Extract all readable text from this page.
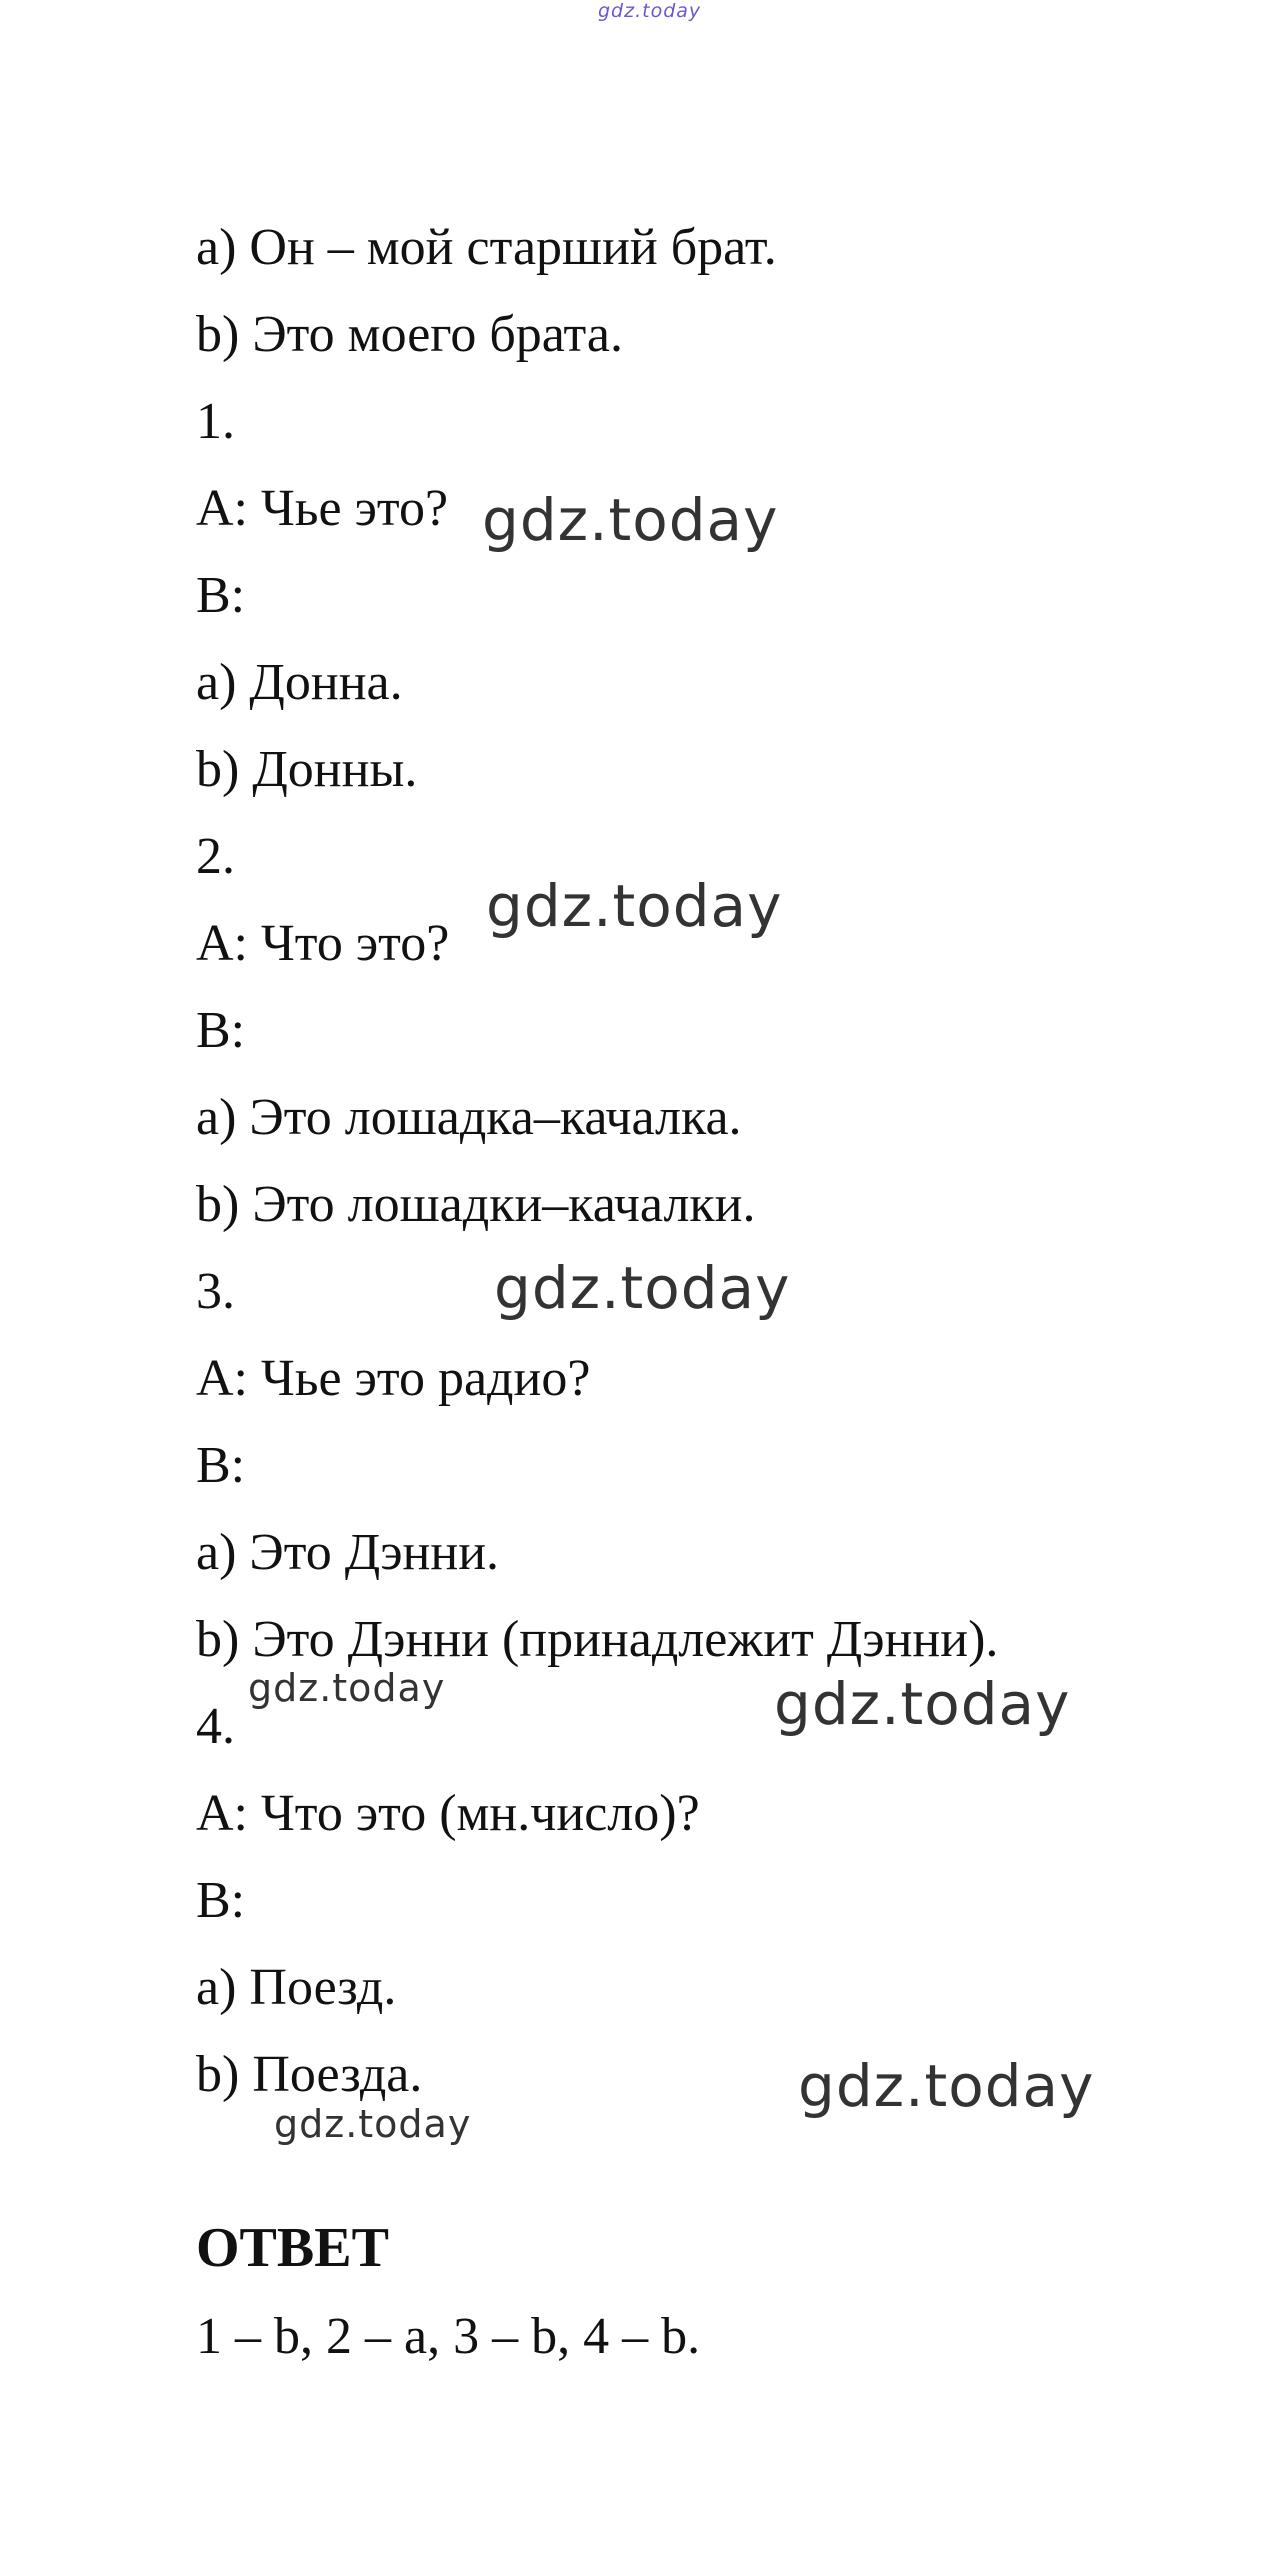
gdz.today
a) Он – мой старший брат.
b) Это моего брата.
1.
A: Чье это?
B:
a) Донна.
b) Донны.
2.
A: Что это?
B:
a) Это лошадка–качалка.
b) Это лошадки–качалки.
3.
A: Чье это радио?
B:
a) Это Дэнни.
b) Это Дэнни (принадлежит Дэнни).
4.
A: Что это (мн.число)?
B:
a) Поезд.
b) Поезда.
ОТВЕТ
1 – b, 2 – a, 3 – b, 4 – b.
gdz.today
gdz.today
gdz.today
gdz.today	gdz.today
gdz.today
gdz.today
